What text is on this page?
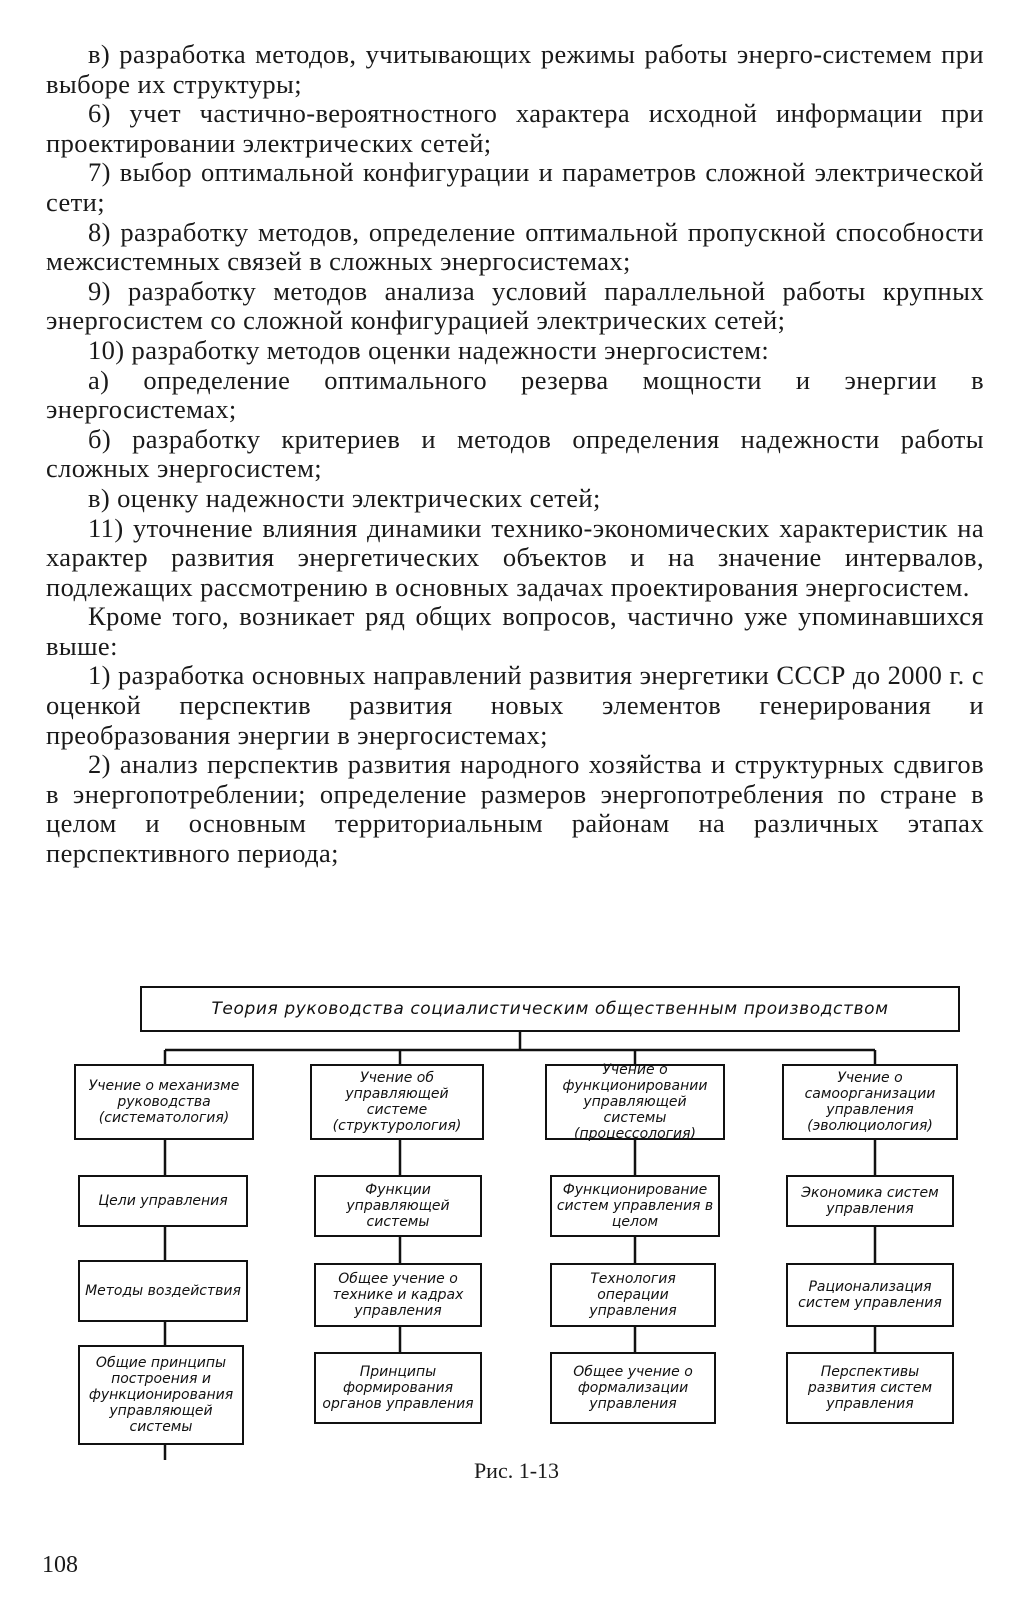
в) разработка методов, учитывающих режимы работы энерго-системем при выборе их структуры;

6) учет частично-вероятностного характера исходной информации при проектировании электрических сетей;

7) выбор оптимальной конфигурации и параметров сложной электрической сети;

8) разработку методов, определение оптимальной пропускной способности межсистемных связей в сложных энергосистемах;

9) разработку методов анализа условий параллельной работы крупных энергосистем со сложной конфигурацией электрических сетей;

10) разработку методов оценки надежности энергосистем:

а) определение оптимального резерва мощности и энергии в энергосистемах;

б) разработку критериев и методов определения надежности работы сложных энергосистем;

в) оценку надежности электрических сетей;

11) уточнение влияния динамики технико-экономических характеристик на характер развития энергетических объектов и на значение интервалов, подлежащих рассмотрению в основных задачах проектирования энергосистем.

Кроме того, возникает ряд общих вопросов, частично уже упоминавшихся выше:

1) разработка основных направлений развития энергетики СССР до 2000 г. с оценкой перспектив развития новых элементов генерирования и преобразования энергии в энергосистемах;

2) анализ перспектив развития народного хозяйства и структурных сдвигов в энергопотреблении; определение размеров энергопотребления по стране в целом и основным территориальным районам на различных этапах перспективного периода;

Теория руководства социалистическим общественным производством
Учение о механизме руководства (систематология)
Цели управления
Методы воздействия
Общие принципы построения и функционирования управляющей системы
Учение об управляющей системе (структурология)
Функции управляющей системы
Общее учение о технике и кадрах управления
Принципы формирования органов управления
Учение о функционировании управляющей системы (процессология)
Функционирование систем управления в целом
Технология операции управления
Общее учение о формализации управления
Учение о самоорганизации управления (эволюциология)
Экономика систем управления
Рационализация систем управления
Перспективы развития систем управления
Рис. 1-13
108
